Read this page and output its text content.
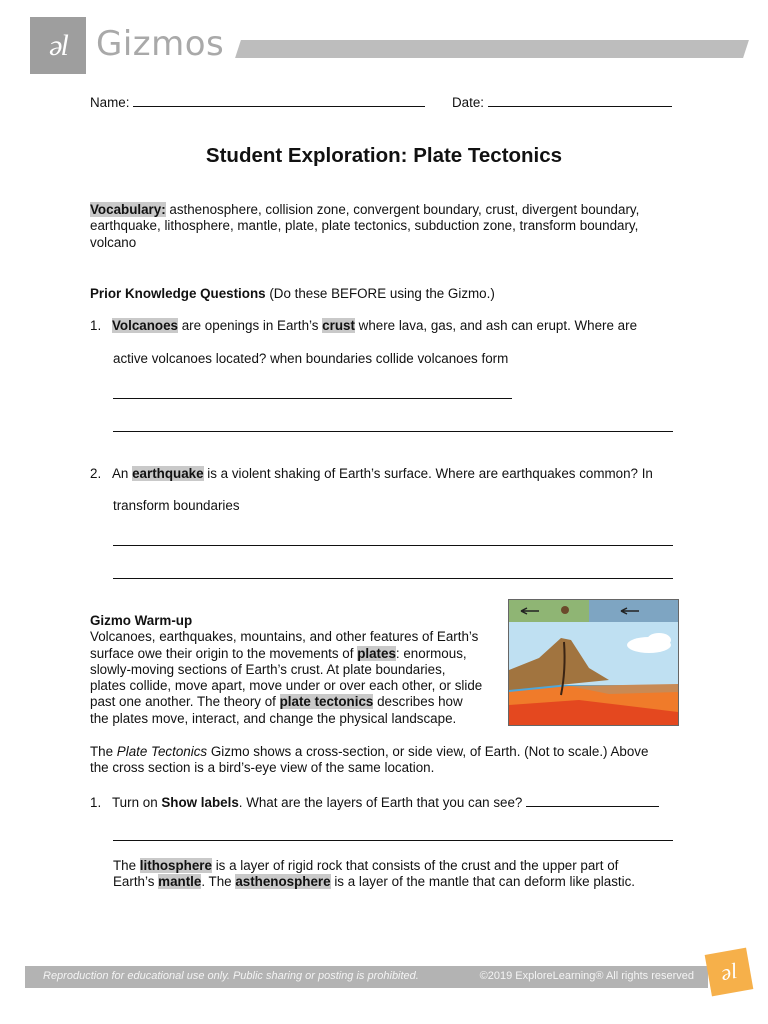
əl Gizmos
Name:	Date:
Student Exploration: Plate Tectonics
Vocabulary: asthenosphere, collision zone, convergent boundary, crust, divergent boundary,
earthquake, lithosphere, mantle, plate, plate tectonics, subduction zone, transform boundary,
volcano
Prior Knowledge Questions (Do these BEFORE using the Gizmo.)
1. Volcanoes are openings in Earth’s crust where lava, gas, and ash can erupt. Where are
active volcanoes located? when boundaries collide volcanoes form
2. An earthquake is a violent shaking of Earth’s surface. Where are earthquakes common? In
transform boundaries
Gizmo Warm-up
Volcanoes, earthquakes, mountains, and other features of Earth’s
surface owe their origin to the movements of plates: enormous,
slowly-moving sections of Earth’s crust. At plate boundaries,
plates collide, move apart, move under or over each other, or slide
past one another. The theory of plate tectonics describes how
the plates move, interact, and change the physical landscape.
The Plate Tectonics Gizmo shows a cross-section, or side view, of Earth. (Not to scale.) Above
the cross section is a bird’s-eye view of the same location.
1. Turn on Show labels. What are the layers of Earth that you can see?
The lithosphere is a layer of rigid rock that consists of the crust and the upper part of
Earth’s mantle. The asthenosphere is a layer of the mantle that can deform like plastic.
Reproduction for educational use only. Public sharing or posting is prohibited.	©2019 ExploreLearning® All rights reserved əl
